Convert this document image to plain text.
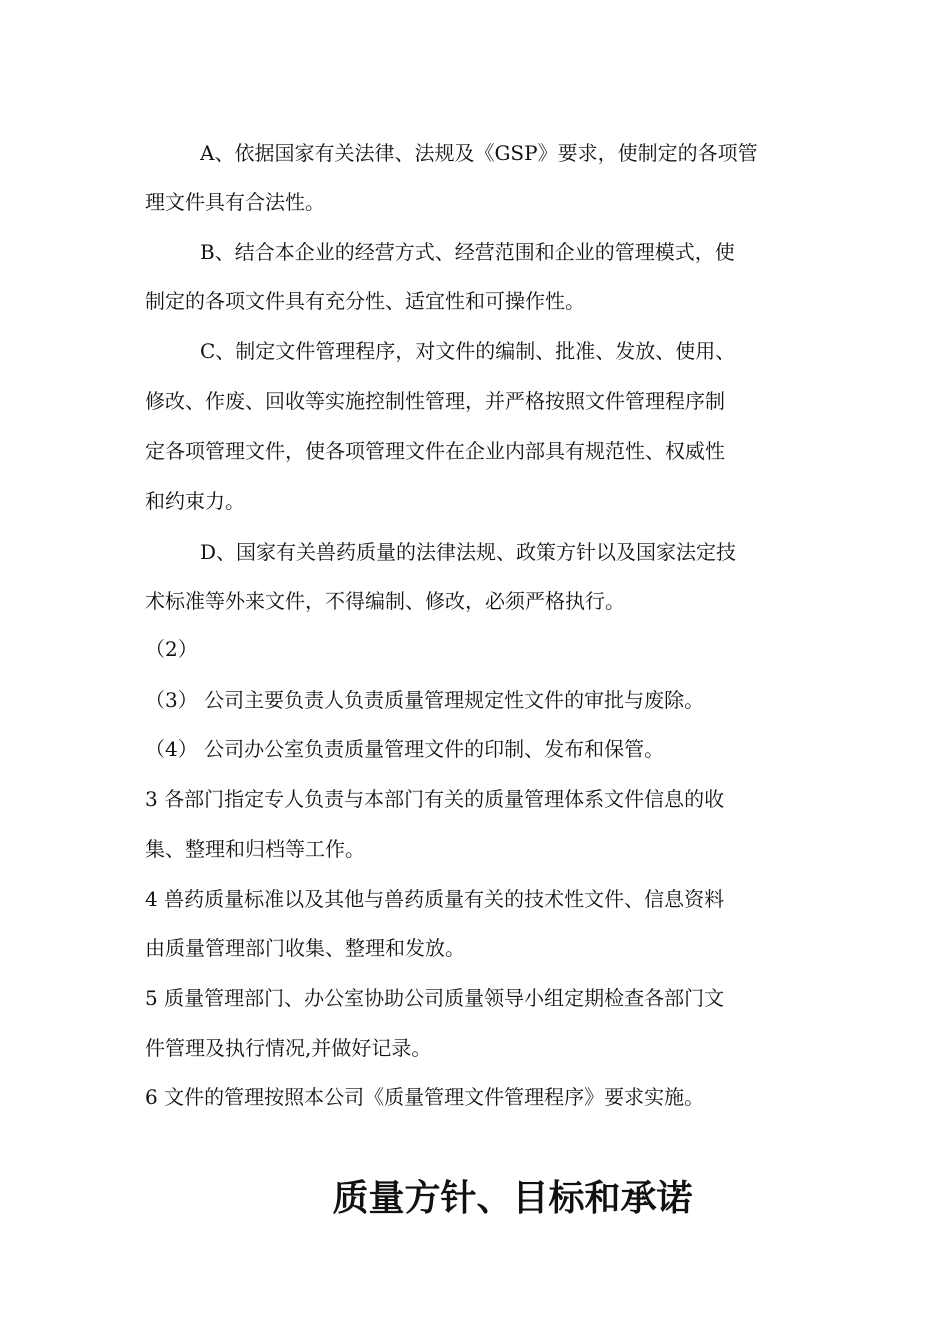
A、依据国家有关法律、法规及《GSP》要求，使制定的各项管
理文件具有合法性。
B、结合本企业的经营方式、经营范围和企业的管理模式，使
制定的各项文件具有充分性、适宜性和可操作性。
C、制定文件管理程序，对文件的编制、批准、发放、使用、
修改、作废、回收等实施控制性管理，并严格按照文件管理程序制
定各项管理文件，使各项管理文件在企业内部具有规范性、权威性
和约束力。
D、国家有关兽药质量的法律法规、政策方针以及国家法定技
术标准等外来文件，不得编制、修改，必须严格执行。
（2）
（3） 公司主要负责人负责质量管理规定性文件的审批与废除。
（4） 公司办公室负责质量管理文件的印制、发布和保管。
3 各部门指定专人负责与本部门有关的质量管理体系文件信息的收
集、整理和归档等工作。
4 兽药质量标准以及其他与兽药质量有关的技术性文件、信息资料
由质量管理部门收集、整理和发放。
5 质量管理部门、办公室协助公司质量领导小组定期检查各部门文
件管理及执行情况,并做好记录。
6 文件的管理按照本公司《质量管理文件管理程序》要求实施。
质量方针、目标和承诺
